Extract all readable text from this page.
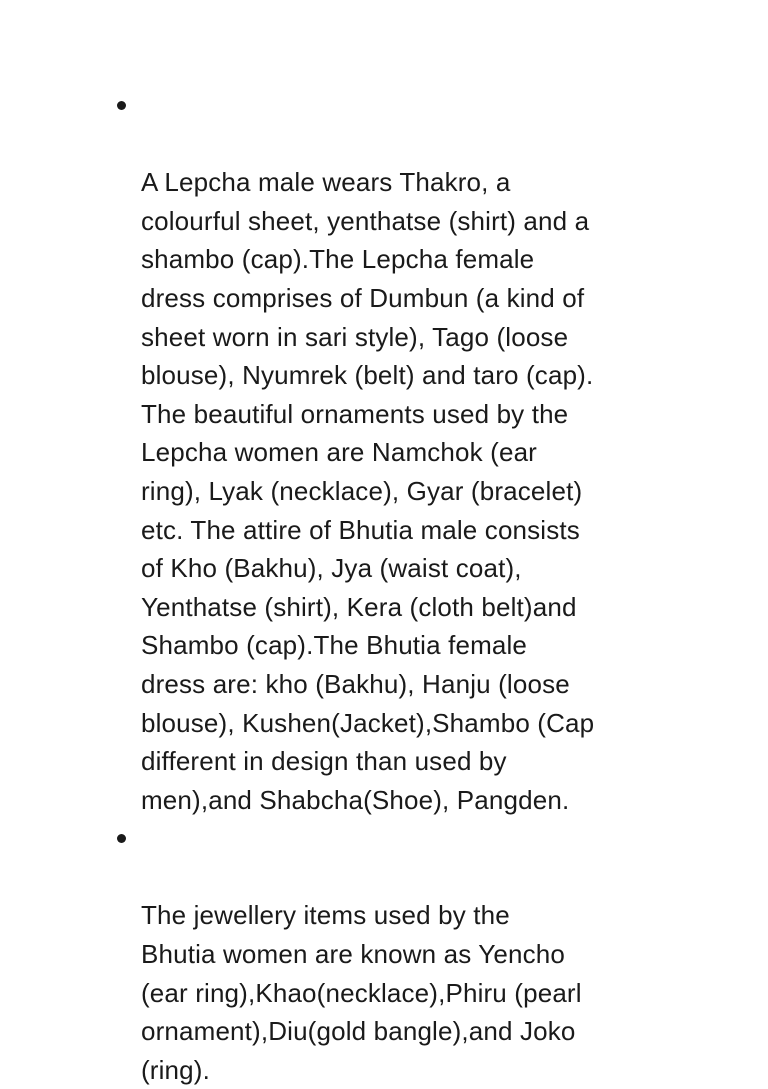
A Lepcha male wears Thakro, a
colourful sheet, yenthatse (shirt) and a
shambo (cap).The Lepcha female
dress comprises of Dumbun (a kind of
sheet worn in sari style), Tago (loose
blouse), Nyumrek (belt) and taro (cap).
The beautiful ornaments used by the
Lepcha women are Namchok (ear
ring), Lyak (necklace), Gyar (bracelet)
etc. The attire of Bhutia male consists
of Kho (Bakhu), Jya (waist coat),
Yenthatse (shirt), Kera (cloth belt)and
Shambo (cap).The Bhutia female
dress are: kho (Bakhu), Hanju (loose
blouse), Kushen(Jacket),Shambo (Cap
different in design than used by
men),and Shabcha(Shoe), Pangden.

The jewellery items used by the
Bhutia women are known as Yencho
(ear ring),Khao(necklace),Phiru (pearl
ornament),Diu(gold bangle),and Joko
(ring).
